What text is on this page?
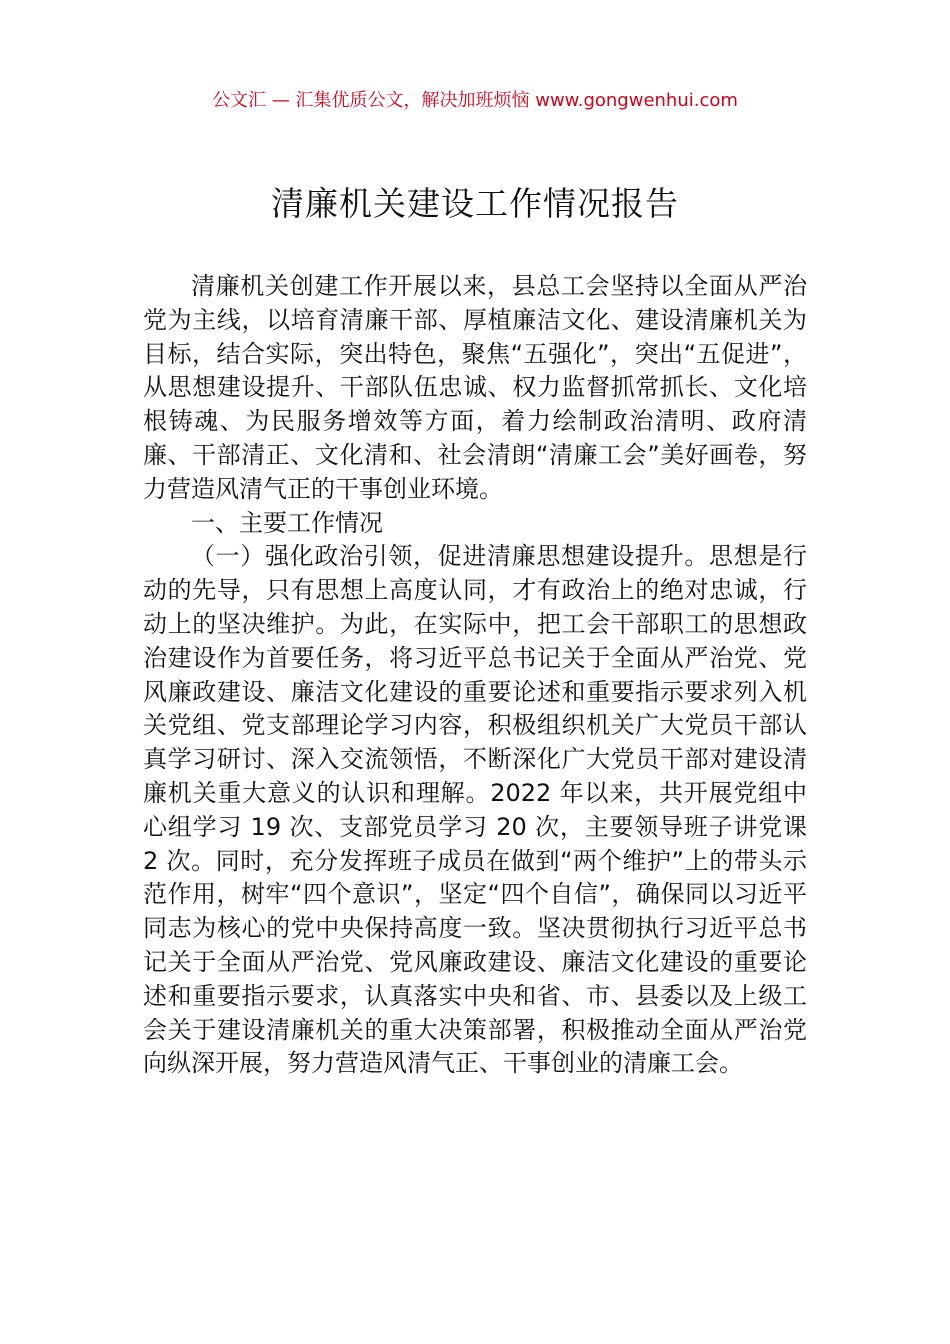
公文汇 — 汇集优质公文，解决加班烦恼 www.gongwenhui.com
清廉机关建设工作情况报告

清廉机关创建工作开展以来，县总工会坚持以全面从严治党为主线，以培育清廉干部、厚植廉洁文化、建设清廉机关为目标，结合实际，突出特色，聚焦“五强化”，突出“五促进”，从思想建设提升、干部队伍忠诚、权力监督抓常抓长、文化培根铸魂、为民服务增效等方面，着力绘制政治清明、政府清廉、干部清正、文化清和、社会清朗“清廉工会”美好画卷，努力营造风清气正的干事创业环境。

一、主要工作情况

（一）强化政治引领，促进清廉思想建设提升。思想是行动的先导，只有思想上高度认同，才有政治上的绝对忠诚，行动上的坚决维护。为此，在实际中，把工会干部职工的思想政治建设作为首要任务，将习近平总书记关于全面从严治党、党风廉政建设、廉洁文化建设的重要论述和重要指示要求列入机关党组、党支部理论学习内容，积极组织机关广大党员干部认真学习研讨、深入交流领悟，不断深化广大党员干部对建设清廉机关重大意义的认识和理解。2022 年以来，共开展党组中心组学习 19 次、支部党员学习 20 次，主要领导班子讲党课 2 次。同时，充分发挥班子成员在做到“两个维护”上的带头示范作用，树牢“四个意识”，坚定“四个自信”，确保同以习近平同志为核心的党中央保持高度一致。坚决贯彻执行习近平总书记关于全面从严治党、党风廉政建设、廉洁文化建设的重要论述和重要指示要求，认真落实中央和省、市、县委以及上级工会关于建设清廉机关的重大决策部署，积极推动全面从严治党向纵深开展，努力营造风清气正、干事创业的清廉工会。
